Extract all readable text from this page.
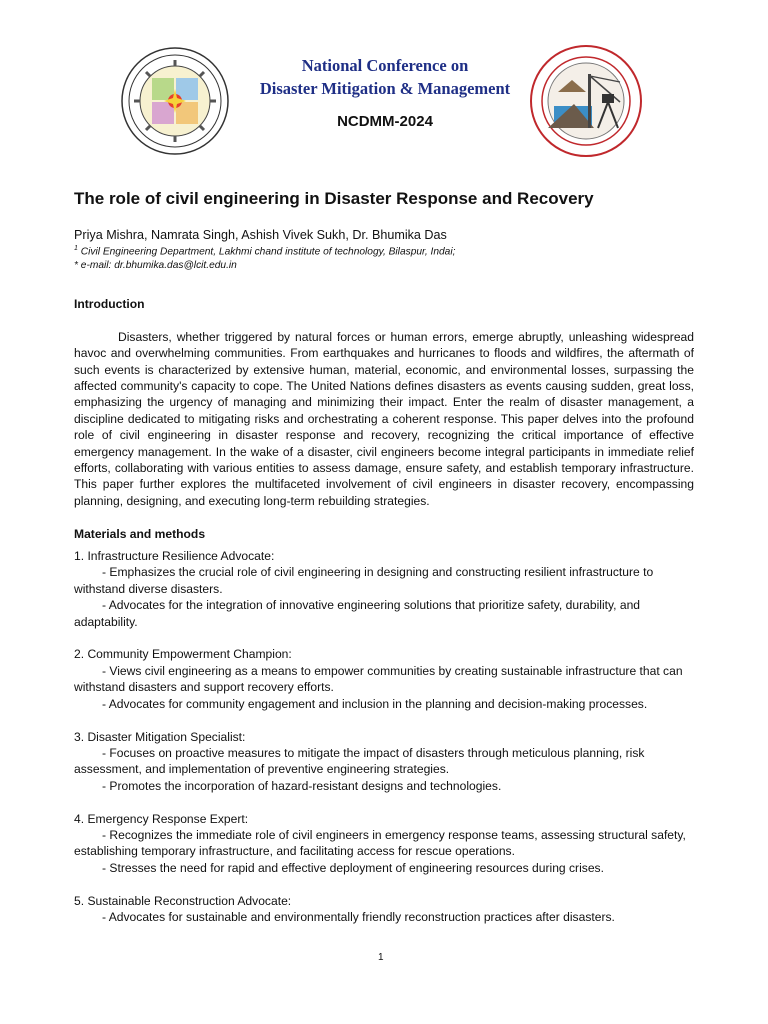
National Conference on
Disaster Mitigation & Management
NCDMM-2024
The role of civil engineering in Disaster Response and Recovery
Priya Mishra, Namrata Singh, Ashish Vivek Sukh, Dr. Bhumika Das
$^1$ Civil Engineering Department, Lakhmi chand institute of technology, Bilaspur, Indai;
* e-mail: dr.bhumika.das@lcit.edu.in

Introduction

Disasters, whether triggered by natural forces or human errors, emerge abruptly, unleashing widespread havoc and overwhelming communities. From earthquakes and hurricanes to floods and wildfires, the aftermath of such events is characterized by extensive human, material, economic, and environmental losses, surpassing the affected community's capacity to cope. The United Nations defines disasters as events causing sudden, great loss, emphasizing the urgency of managing and minimizing their impact. Enter the realm of disaster management, a discipline dedicated to mitigating risks and orchestrating a coherent response. This paper delves into the profound role of civil engineering in disaster response and recovery, recognizing the critical importance of effective emergency management. In the wake of a disaster, civil engineers become integral participants in immediate relief efforts, collaborating with various entities to assess damage, ensure safety, and establish temporary infrastructure. This paper further explores the multifaceted involvement of civil engineers in disaster recovery, encompassing planning, designing, and executing long-term rebuilding strategies.

Materials and methods

1. Infrastructure Resilience Advocate:

- Emphasizes the crucial role of civil engineering in designing and constructing resilient infrastructure to withstand diverse disasters.

- Advocates for the integration of innovative engineering solutions that prioritize safety, durability, and adaptability.

2. Community Empowerment Champion:

- Views civil engineering as a means to empower communities by creating sustainable infrastructure that can withstand disasters and support recovery efforts.

- Advocates for community engagement and inclusion in the planning and decision-making processes.

3. Disaster Mitigation Specialist:

- Focuses on proactive measures to mitigate the impact of disasters through meticulous planning, risk assessment, and implementation of preventive engineering strategies.

- Promotes the incorporation of hazard-resistant designs and technologies.

4. Emergency Response Expert:

- Recognizes the immediate role of civil engineers in emergency response teams, assessing structural safety, establishing temporary infrastructure, and facilitating access for rescue operations.

- Stresses the need for rapid and effective deployment of engineering resources during crises.

5. Sustainable Reconstruction Advocate:

- Advocates for sustainable and environmentally friendly reconstruction practices after disasters.

1
